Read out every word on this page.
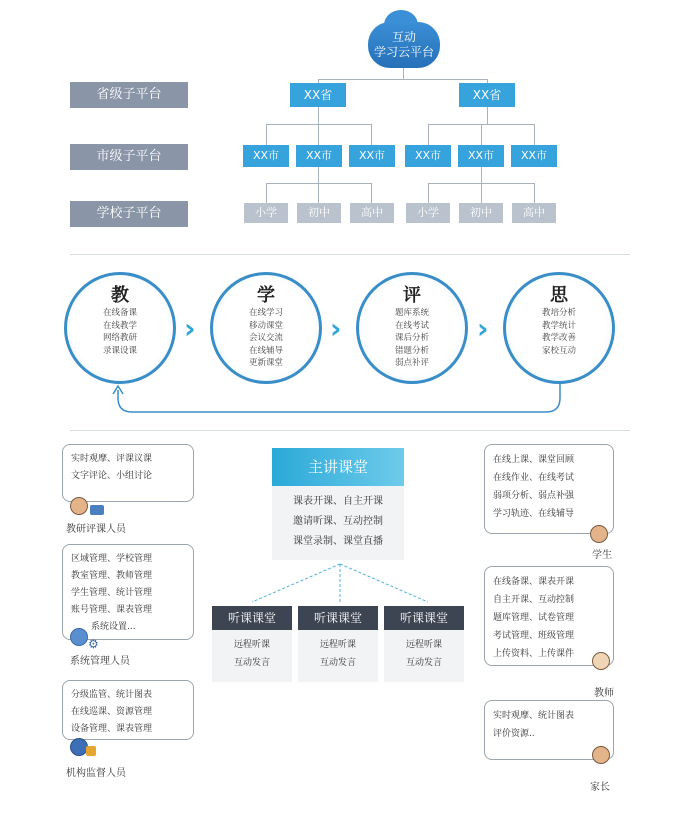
互动
学习云平台
省级子平台
市级子平台
学校子平台
XX省	XX省
XX市	XX市	XX市	XX市	XX市	XX市
小学	初中	高中	小学	初中	高中
教
在线备课
在线教学
网络教研
录课设课
›
学
在线学习
移动课堂
会议交流
在线辅导
更新课堂
›
评
题库系统
在线考试
课后分析
错题分析
弱点补评
›
思
教培分析
教学统计
教学改善
家校互动
实时观摩、评课议课
文字评论、小组讨论
教研评课人员
区域管理、学校管理
教室管理、教师管理
学生管理、统计管理
账号管理、课表管理
系统设置...
⚙
系统管理人员
分级监管、统计图表
在线巡课、资源管理
设备管理、课表管理
机构监督人员
主讲课堂
课表开课、自主开课
邀请听课、互动控制
课堂录制、课堂直播
听课课堂
远程听课
互动发言
听课课堂
远程听课
互动发言
听课课堂
远程听课
互动发言
在线上课、课堂回顾
在线作业、在线考试
弱项分析、弱点补强
学习轨迹、在线辅导
学生
在线备课、课表开课
自主开课、互动控制
题库管理、试卷管理
考试管理、班级管理
上传资料、上传课件
教师
实时观摩、统计图表
评价资源..
家长
